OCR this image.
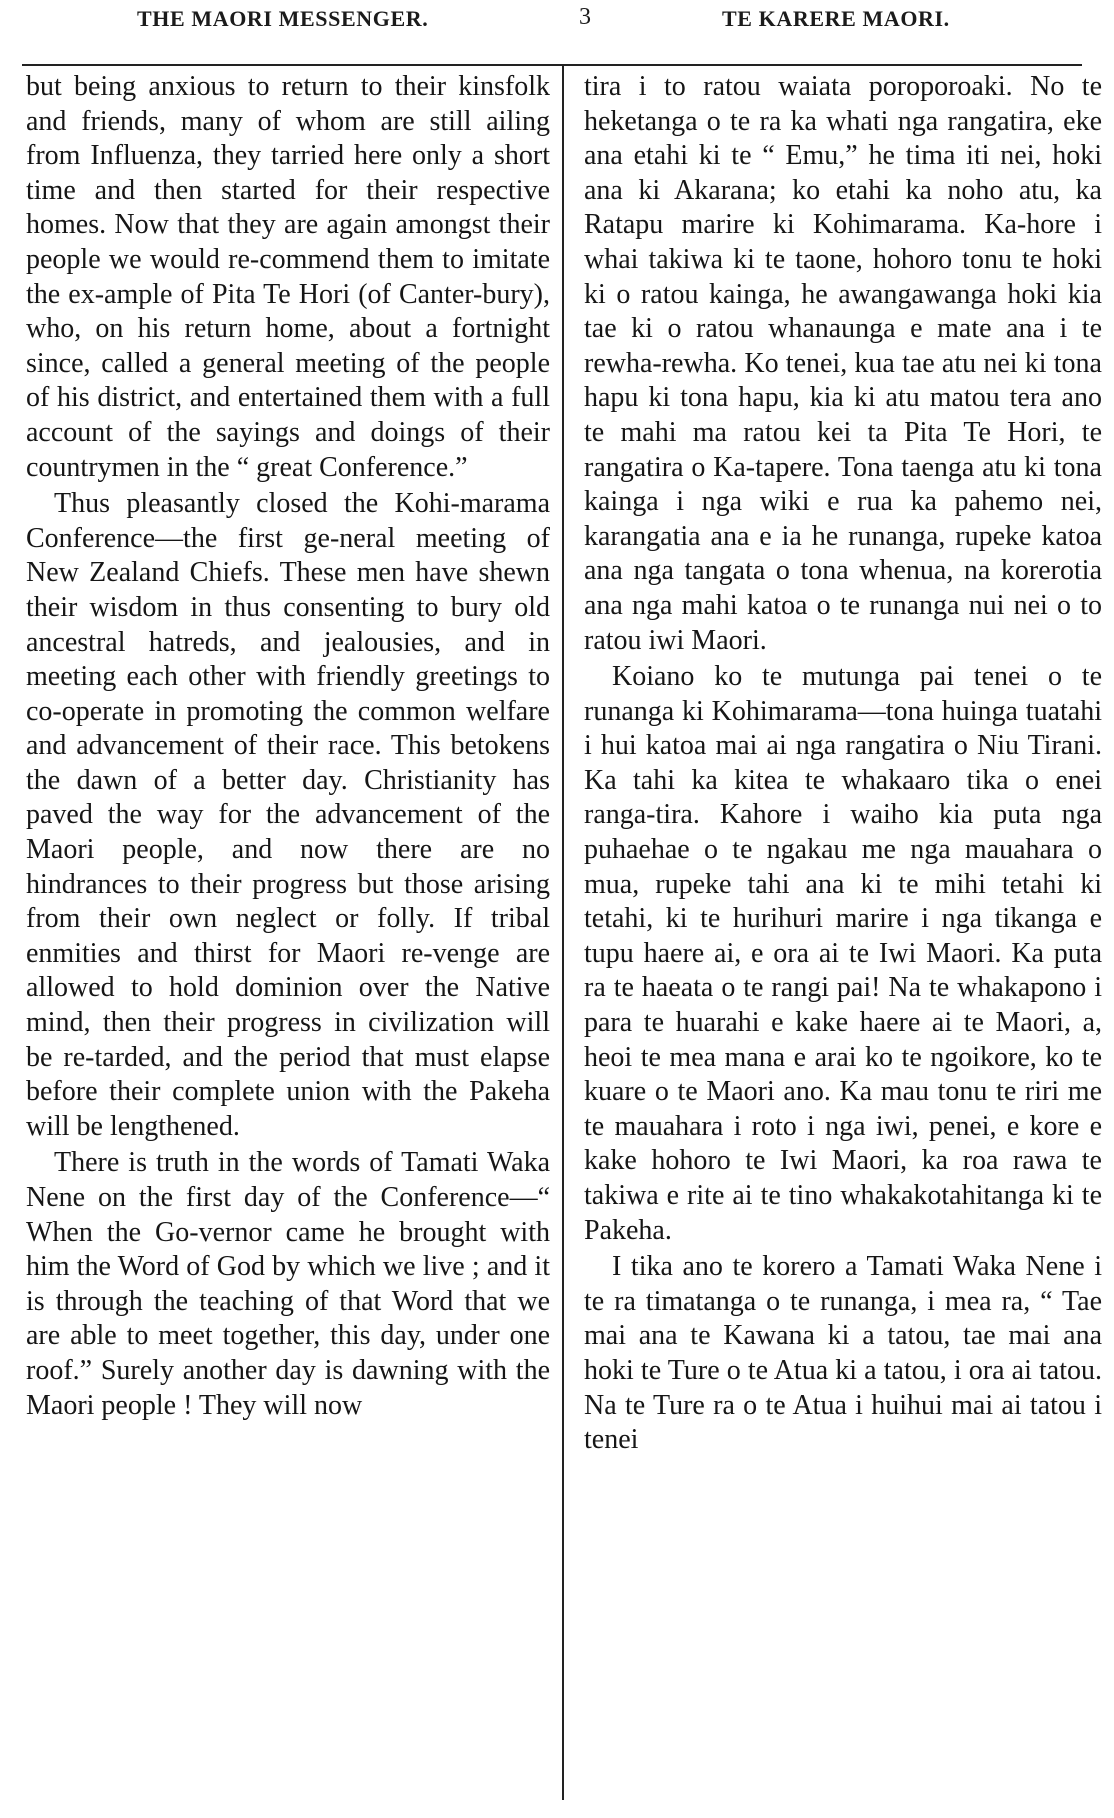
THE MAORI MESSENGER.	3	TE KARERE MAORI.

but being anxious to return to their kinsfolk and friends, many of whom are still ailing from Influenza, they tarried here only a short time and then started for their respective homes. Now that they are again amongst their people we would re-commend them to imitate the ex-ample of Pita Te Hori (of Canter-bury), who, on his return home, about a fortnight since, called a general meeting of the people of his district, and entertained them with a full account of the sayings and doings of their countrymen in the “ great Conference.”

Thus pleasantly closed the Kohi-marama Conference—the first ge-neral meeting of New Zealand Chiefs. These men have shewn their wisdom in thus consenting to bury old ancestral hatreds, and jealousies, and in meeting each other with friendly greetings to co-operate in promoting the common welfare and advancement of their race. This betokens the dawn of a better day. Christianity has paved the way for the advancement of the Maori people, and now there are no hindrances to their progress but those arising from their own neglect or folly. If tribal enmities and thirst for Maori re-venge are allowed to hold dominion over the Native mind, then their progress in civilization will be re-tarded, and the period that must elapse before their complete union with the Pakeha will be lengthened.

There is truth in the words of Tamati Waka Nene on the first day of the Conference—“ When the Go-vernor came he brought with him the Word of God by which we live ; and it is through the teaching of that Word that we are able to meet together, this day, under one roof.” Surely another day is dawning with the Maori people ! They will now

tira i to ratou waiata poroporoaki. No te heketanga o te ra ka whati nga rangatira, eke ana etahi ki te “ Emu,” he tima iti nei, hoki ana ki Akarana; ko etahi ka noho atu, ka Ratapu marire ki Kohimarama. Ka-hore i whai takiwa ki te taone, hohoro tonu te hoki ki o ratou kainga, he awangawanga hoki kia tae ki o ratou whanaunga e mate ana i te rewha-rewha. Ko tenei, kua tae atu nei ki tona hapu ki tona hapu, kia ki atu matou tera ano te mahi ma ratou kei ta Pita Te Hori, te rangatira o Ka-tapere. Tona taenga atu ki tona kainga i nga wiki e rua ka pahemo nei, karangatia ana e ia he runanga, rupeke katoa ana nga tangata o tona whenua, na korerotia ana nga mahi katoa o te runanga nui nei o to ratou iwi Maori.

Koiano ko te mutunga pai tenei o te runanga ki Kohimarama—tona huinga tuatahi i hui katoa mai ai nga rangatira o Niu Tirani. Ka tahi ka kitea te whakaaro tika o enei ranga-tira. Kahore i waiho kia puta nga puhaehae o te ngakau me nga mauahara o mua, rupeke tahi ana ki te mihi tetahi ki tetahi, ki te hurihuri marire i nga tikanga e tupu haere ai, e ora ai te Iwi Maori. Ka puta ra te haeata o te rangi pai! Na te whakapono i para te huarahi e kake haere ai te Maori, a, heoi te mea mana e arai ko te ngoikore, ko te kuare o te Maori ano. Ka mau tonu te riri me te mauahara i roto i nga iwi, penei, e kore e kake hohoro te Iwi Maori, ka roa rawa te takiwa e rite ai te tino whakakotahitanga ki te Pakeha.

I tika ano te korero a Tamati Waka Nene i te ra timatanga o te runanga, i mea ra, “ Tae mai ana te Kawana ki a tatou, tae mai ana hoki te Ture o te Atua ki a tatou, i ora ai tatou. Na te Ture ra o te Atua i huihui mai ai tatou i tenei
